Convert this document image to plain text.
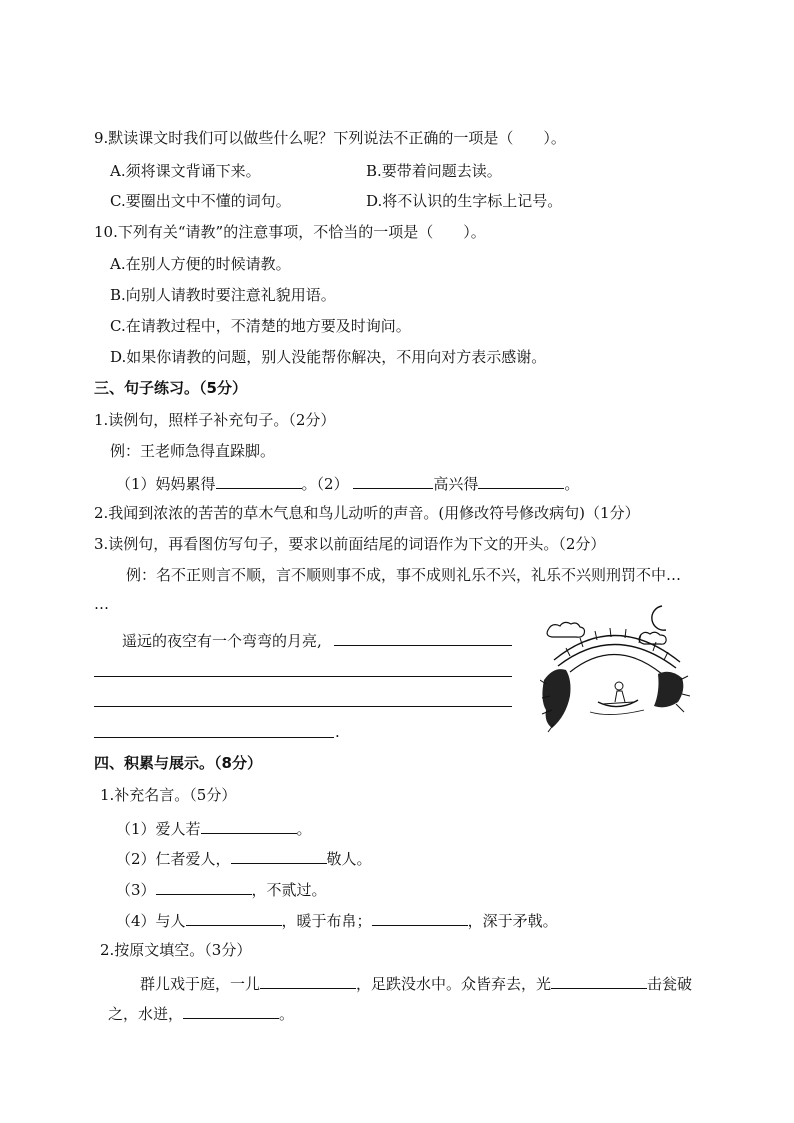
9.默读课文时我们可以做些什么呢？下列说法不正确的一项是（　　）。
A.须将课文背诵下来。	B.要带着问题去读。
C.要圈出文中不懂的词句。	D.将不认识的生字标上记号。
10.下列有关“请教”的注意事项，不恰当的一项是（　　）。
A.在别人方便的时候请教。
B.向别人请教时要注意礼貌用语。
C.在请教过程中，不清楚的地方要及时询问。
D.如果你请教的问题，别人没能帮你解决，不用向对方表示感谢。
三、句子练习。（5分）
1.读例句，照样子补充句子。（2分）
例：王老师急得直跺脚。
（1）妈妈累得	。（2）	高兴得	。
2.我闻到浓浓的苦苦的草木气息和鸟儿动听的声音。(用修改符号修改病句)（1分）
3.读例句，再看图仿写句子，要求以前面结尾的词语作为下文的开头。（2分）
例：名不正则言不顺，言不顺则事不成，事不成则礼乐不兴，礼乐不兴则刑罚不中…
…
遥远的夜空有一个弯弯的月亮,
.
四、积累与展示。（8分）
1.补充名言。（5分）
（1）爱人若	。
（2）仁者爱人，	敬人。
（3）	，不贰过。
（4）与人	，暖于布帛；	，深于矛戟。
2.按原文填空。（3分）
群儿戏于庭，一儿	，足跌没水中。众皆弃去，光	击瓮破
之，水迸，	。
